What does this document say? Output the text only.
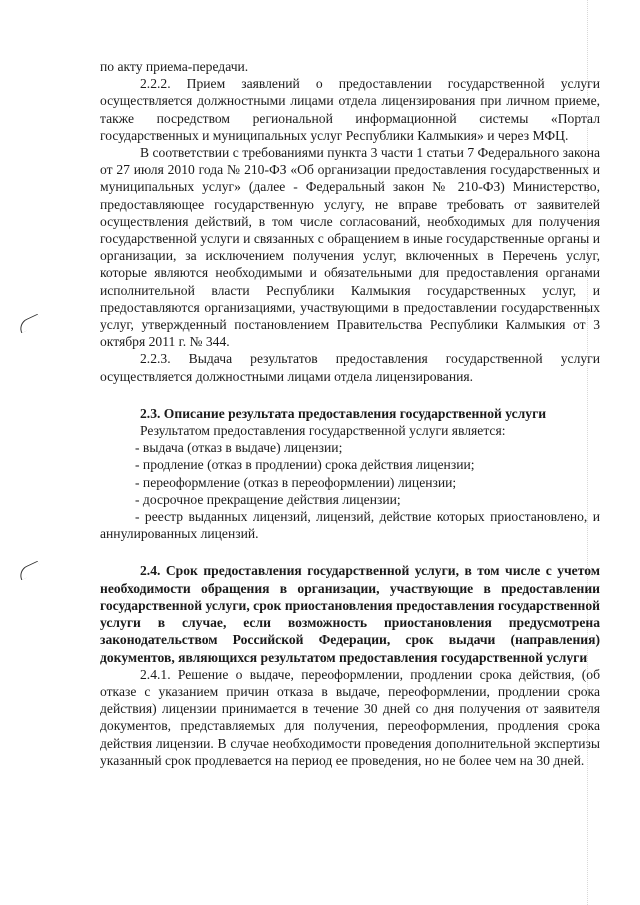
по акту приема-передачи.

2.2.2. Прием заявлений о предоставлении государственной услуги осуществляется должностными лицами отдела лицензирования при личном приеме, также посредством региональной информационной системы «Портал государственных и муниципальных услуг Республики Калмыкия» и через МФЦ.

В соответствии с требованиями пункта 3 части 1 статьи 7 Федерального закона от 27 июля 2010 года № 210-ФЗ «Об организации предоставления государственных и муниципальных услуг» (далее - Федеральный закон № 210-ФЗ) Министерство, предоставляющее государственную услугу, не вправе требовать от заявителей осуществления действий, в том числе согласований, необходимых для получения государственной услуги и связанных с обращением в иные государственные органы и организации, за исключением получения услуг, включенных в Перечень услуг, которые являются необходимыми и обязательными для предоставления органами исполнительной власти Республики Калмыкия государственных услуг, и предоставляются организациями, участвующими в предоставлении государственных услуг, утвержденный постановлением Правительства Республики Калмыкия от 3 октября 2011 г. № 344.

2.2.3. Выдача результатов предоставления государственной услуги осуществляется должностными лицами отдела лицензирования.

2.3. Описание результата предоставления государственной услуги

Результатом предоставления государственной услуги является:

- выдача (отказ в выдаче) лицензии;

- продление (отказ в продлении) срока действия лицензии;

- переоформление (отказ в переоформлении) лицензии;

- досрочное прекращение действия лицензии;

- реестр выданных лицензий, лицензий, действие которых приостановлено, и аннулированных лицензий.

2.4. Срок предоставления государственной услуги, в том числе с учетом необходимости обращения в организации, участвующие в предоставлении государственной услуги, срок приостановления предоставления государственной услуги в случае, если возможность приостановления предусмотрена законодательством Российской Федерации, срок выдачи (направления) документов, являющихся результатом предоставления государственной услуги

2.4.1. Решение о выдаче, переоформлении, продлении срока действия, (об отказе с указанием причин отказа в выдаче, переоформлении, продлении срока действия) лицензии принимается в течение 30 дней со дня получения от заявителя документов, представляемых для получения, переоформления, продления срока действия лицензии. В случае необходимости проведения дополнительной экспертизы указанный срок продлевается на период ее проведения, но не более чем на 30 дней.
